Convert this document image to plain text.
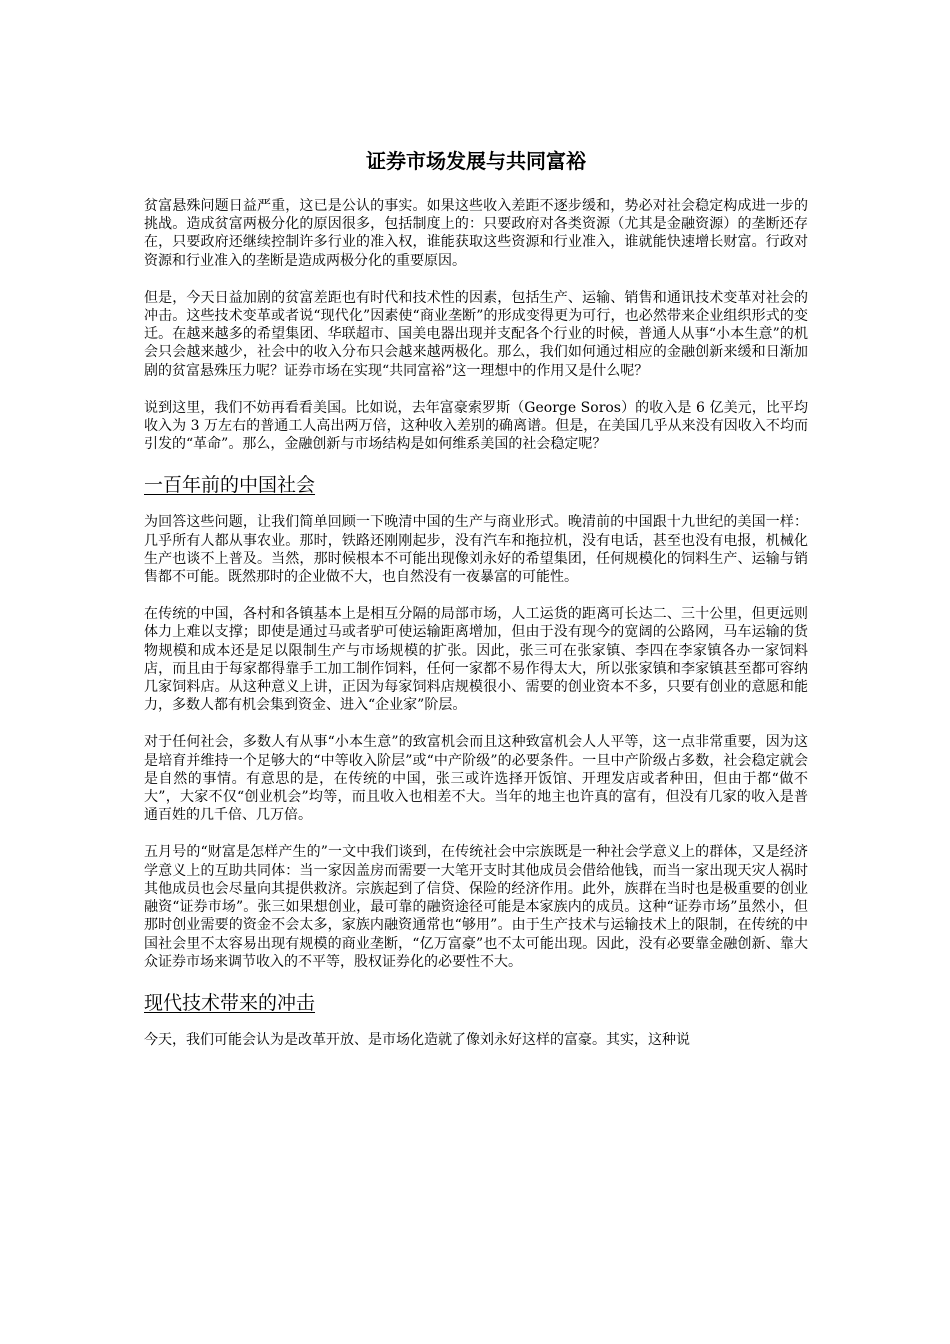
证券市场发展与共同富裕

贫富悬殊问题日益严重，这已是公认的事实。如果这些收入差距不逐步缓和，势必对社会稳定构成进一步的挑战。造成贫富两极分化的原因很多，包括制度上的：只要政府对各类资源（尤其是金融资源）的垄断还存在，只要政府还继续控制许多行业的准入权，谁能获取这些资源和行业准入，谁就能快速增长财富。行政对资源和行业准入的垄断是造成两极分化的重要原因。

但是，今天日益加剧的贫富差距也有时代和技术性的因素，包括生产、运输、销售和通讯技术变革对社会的冲击。这些技术变革或者说“现代化”因素使“商业垄断”的形成变得更为可行，也必然带来企业组织形式的变迁。在越来越多的希望集团、华联超市、国美电器出现并支配各个行业的时候，普通人从事“小本生意”的机会只会越来越少，社会中的收入分布只会越来越两极化。那么，我们如何通过相应的金融创新来缓和日渐加剧的贫富悬殊压力呢？证券市场在实现“共同富裕”这一理想中的作用又是什么呢？

说到这里，我们不妨再看看美国。比如说，去年富豪索罗斯（George Soros）的收入是 6 亿美元，比平均收入为 3 万左右的普通工人高出两万倍，这种收入差别的确离谱。但是，在美国几乎从来没有因收入不均而引发的“革命”。那么，金融创新与市场结构是如何维系美国的社会稳定呢？

一百年前的中国社会

为回答这些问题，让我们简单回顾一下晚清中国的生产与商业形式。晚清前的中国跟十九世纪的美国一样：几乎所有人都从事农业。那时，铁路还刚刚起步，没有汽车和拖拉机，没有电话，甚至也没有电报，机械化生产也谈不上普及。当然，那时候根本不可能出现像刘永好的希望集团，任何规模化的饲料生产、运输与销售都不可能。既然那时的企业做不大，也自然没有一夜暴富的可能性。

在传统的中国，各村和各镇基本上是相互分隔的局部市场，人工运货的距离可长达二、三十公里，但更远则体力上难以支撑；即使是通过马或者驴可使运输距离增加，但由于没有现今的宽阔的公路网，马车运输的货物规模和成本还是足以限制生产与市场规模的扩张。因此，张三可在张家镇、李四在李家镇各办一家饲料店，而且由于每家都得靠手工加工制作饲料，任何一家都不易作得太大，所以张家镇和李家镇甚至都可容纳几家饲料店。从这种意义上讲，正因为每家饲料店规模很小、需要的创业资本不多，只要有创业的意愿和能力，多数人都有机会集到资金、进入“企业家”阶层。

对于任何社会，多数人有从事“小本生意”的致富机会而且这种致富机会人人平等，这一点非常重要，因为这是培育并维持一个足够大的“中等收入阶层”或“中产阶级”的必要条件。一旦中产阶级占多数，社会稳定就会是自然的事情。有意思的是，在传统的中国，张三或许选择开饭馆、开理发店或者种田，但由于都“做不大”，大家不仅“创业机会”均等，而且收入也相差不大。当年的地主也许真的富有，但没有几家的收入是普通百姓的几千倍、几万倍。

五月号的“财富是怎样产生的”一文中我们谈到，在传统社会中宗族既是一种社会学意义上的群体，又是经济学意义上的互助共同体：当一家因盖房而需要一大笔开支时其他成员会借给他钱，而当一家出现天灾人祸时其他成员也会尽量向其提供救济。宗族起到了信贷、保险的经济作用。此外，族群在当时也是极重要的创业融资“证券市场”。张三如果想创业，最可靠的融资途径可能是本家族内的成员。这种“证券市场”虽然小，但那时创业需要的资金不会太多，家族内融资通常也“够用”。由于生产技术与运输技术上的限制，在传统的中国社会里不太容易出现有规模的商业垄断，“亿万富豪”也不太可能出现。因此，没有必要靠金融创新、靠大众证券市场来调节收入的不平等，股权证券化的必要性不大。

现代技术带来的冲击

今天，我们可能会认为是改革开放、是市场化造就了像刘永好这样的富豪。其实，这种说
